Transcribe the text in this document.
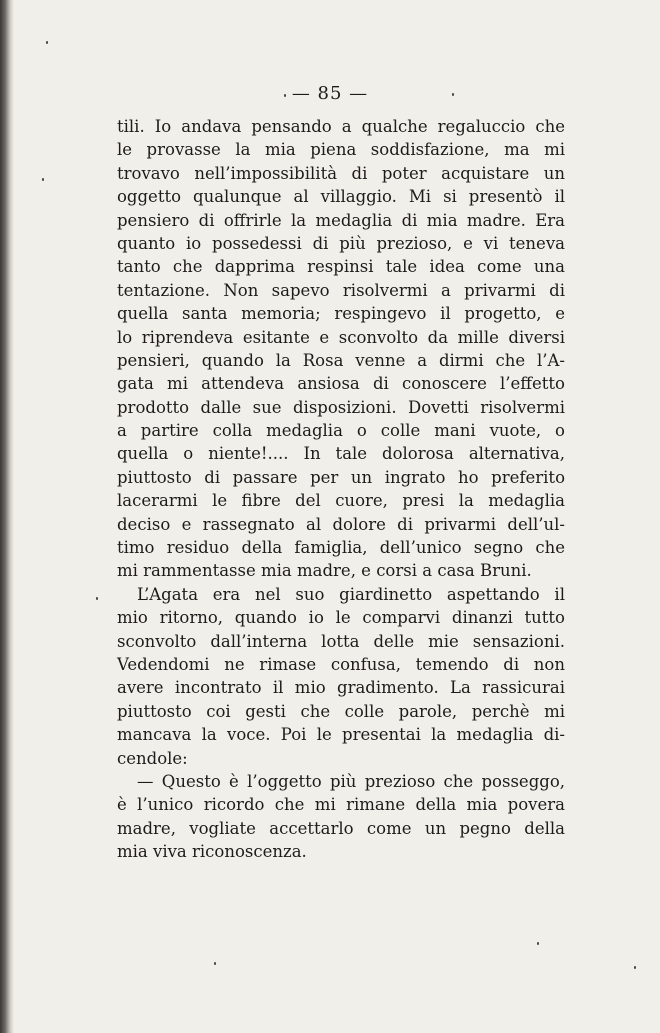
— 85 —
tili. Io andava pensando a qualche regaluccio che
le provasse la mia piena soddisfazione, ma mi
trovavo nell’impossibilità di poter acquistare un
oggetto qualunque al villaggio. Mi si presentò il
pensiero di offrirle la medaglia di mia madre. Era
quanto io possedessi di più prezioso, e vi teneva
tanto che dapprima respinsi tale idea come una
tentazione. Non sapevo risolvermi a privarmi di
quella santa memoria; respingevo il progetto, e
lo riprendeva esitante e sconvolto da mille diversi
pensieri, quando la Rosa venne a dirmi che l’A-
gata mi attendeva ansiosa di conoscere l’effetto
prodotto dalle sue disposizioni. Dovetti risolvermi
a partire colla medaglia o colle mani vuote, o
quella o niente!.... In tale dolorosa alternativa,
piuttosto di passare per un ingrato ho preferito
lacerarmi le fibre del cuore, presi la medaglia
deciso e rassegnato al dolore di privarmi dell’ul-
timo residuo della famiglia, dell’unico segno che
mi rammentasse mia madre, e corsi a casa Bruni.
L’Agata era nel suo giardinetto aspettando il
mio ritorno, quando io le comparvi dinanzi tutto
sconvolto dall’interna lotta delle mie sensazioni.
Vedendomi ne rimase confusa, temendo di non
avere incontrato il mio gradimento. La rassicurai
piuttosto coi gesti che colle parole, perchè mi
mancava la voce. Poi le presentai la medaglia di-
cendole:
— Questo è l’oggetto più prezioso che posseggo,
è l’unico ricordo che mi rimane della mia povera
madre, vogliate accettarlo come un pegno della
mia viva riconoscenza.
